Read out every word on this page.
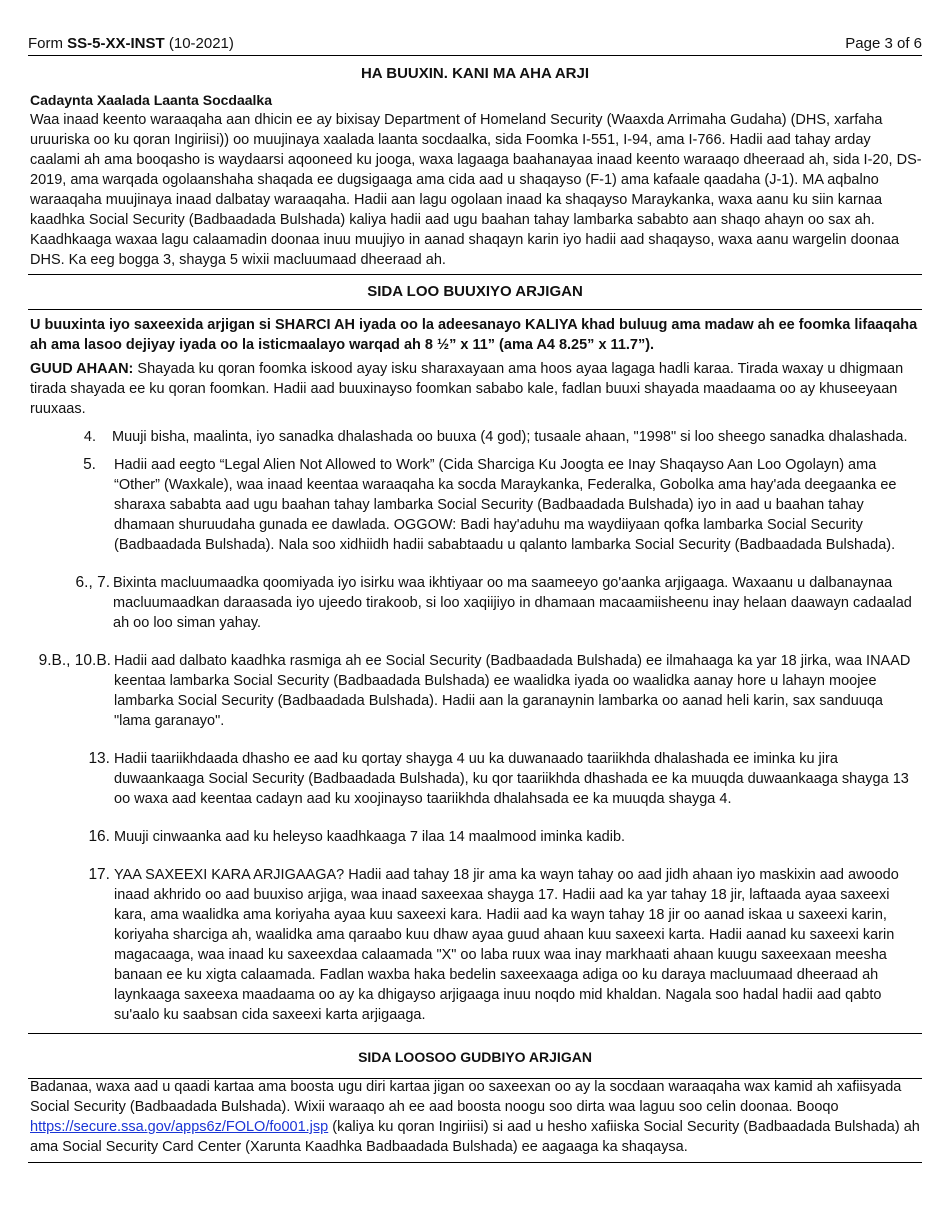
Form SS-5-XX-INST (10-2021)	Page 3 of 6
HA BUUXIN. KANI MA AHA ARJI
Cadaynta Xaalada Laanta Socdaalka

Waa inaad keento waraaqaha aan dhicin ee ay bixisay Department of Homeland Security (Waaxda Arrimaha Gudaha) (DHS, xarfaha uruuriska oo ku qoran Ingiriisi)) oo muujinaya xaalada laanta socdaalka, sida Foomka I-551, I-94, ama I-766. Hadii aad tahay arday caalami ah ama booqasho is waydaarsi aqooneed ku jooga, waxa lagaaga baahanayaa inaad keento waraaqo dheeraad ah, sida I-20, DS-2019, ama warqada ogolaanshaha shaqada ee dugsigaaga ama cida aad u shaqayso (F-1) ama kafaale qaadaha (J-1). MA aqbalno waraaqaha muujinaya inaad dalbatay waraaqaha. Hadii aan lagu ogolaan inaad ka shaqayso Maraykanka, waxa aanu ku siin karnaa kaadhka Social Security (Badbaadada Bulshada) kaliya hadii aad ugu baahan tahay lambarka sababto aan shaqo ahayn oo sax ah. Kaadhkaaga waxaa lagu calaamadin doonaa inuu muujiyo in aanad shaqayn karin iyo hadii aad shaqayso, waxa aanu wargelin doonaa DHS. Ka eeg bogga 3, shayga 5 wixii macluumaad dheeraad ah.

SIDA LOO BUUXIYO ARJIGAN
U buuxinta iyo saxeexida arjigan si SHARCI AH iyada oo la adeesanayo KALIYA khad buluug ama madaw ah ee foomka lifaaqaha ah ama lasoo dejiyay iyada oo la isticmaalayo warqad ah 8 ½” x 11” (ama A4 8.25” x 11.7”).

GUUD AHAAN: Shayada ku qoran foomka iskood ayay isku sharaxayaan ama hoos ayaa lagaga hadli karaa. Tirada waxay u dhigmaan tirada shayada ee ku qoran foomkan. Hadii aad buuxinayso foomkan sababo kale, fadlan buuxi shayada maadaama oo ay khuseeyaan ruuxaas.

4. Muuji bisha, maalinta, iyo sanadka dhalashada oo buuxa (4 god); tusaale ahaan, "1998" si loo sheego sanadka dhalashada.
5. Hadii aad eegto “Legal Alien Not Allowed to Work” (Cida Sharciga Ku Joogta ee Inay Shaqayso Aan Loo Ogolayn) ama “Other” (Waxkale), waa inaad keentaa waraaqaha ka socda Maraykanka, Federalka, Gobolka ama hay'ada deegaanka ee sharaxa sababta aad ugu baahan tahay lambarka Social Security (Badbaadada Bulshada) iyo in aad u baahan tahay dhamaan shuruudaha gunada ee dawlada. OGGOW: Badi hay'aduhu ma waydiiyaan qofka lambarka Social Security (Badbaadada Bulshada). Nala soo xidhiidh hadii sababtaadu u qalanto lambarka Social Security (Badbaadada Bulshada).
6., 7. Bixinta macluumaadka qoomiyada iyo isirku waa ikhtiyaar oo ma saameeyo go'aanka arjigaaga. Waxaanu u dalbanaynaa macluumaadkan daraasada iyo ujeedo tirakoob, si loo xaqiijiyo in dhamaan macaamiisheenu inay helaan daawayn cadaalad ah oo loo siman yahay.
9.B., 10.B. Hadii aad dalbato kaadhka rasmiga ah ee Social Security (Badbaadada Bulshada) ee ilmahaaga ka yar 18 jirka, waa INAAD keentaa lambarka Social Security (Badbaadada Bulshada) ee waalidka iyada oo waalidka aanay hore u lahayn moojee lambarka Social Security (Badbaadada Bulshada). Hadii aan la garanaynin lambarka oo aanad heli karin, sax sanduuqa "lama garanayo".
13. Hadii taariikhdaada dhasho ee aad ku qortay shayga 4 uu ka duwanaado taariikhda dhalashada ee iminka ku jira duwaankaaga Social Security (Badbaadada Bulshada), ku qor taariikhda dhashada ee ka muuqda duwaankaaga shayga 13 oo waxa aad keentaa cadayn aad ku xoojinayso taariikhda dhalahsada ee ka muuqda shayga 4.
16. Muuji cinwaanka aad ku heleyso kaadhkaaga 7 ilaa 14 maalmood iminka kadib.
17. YAA SAXEEXI KARA ARJIGAAGA? Hadii aad tahay 18 jir ama ka wayn tahay oo aad jidh ahaan iyo maskixin aad awoodo inaad akhrido oo aad buuxiso arjiga, waa inaad saxeexaa shayga 17. Hadii aad ka yar tahay 18 jir, laftaada ayaa saxeexi kara, ama waalidka ama koriyaha ayaa kuu saxeexi kara. Hadii aad ka wayn tahay 18 jir oo aanad iskaa u saxeexi karin, koriyaha sharciga ah, waalidka ama qaraabo kuu dhaw ayaa guud ahaan kuu saxeexi karta. Hadii aanad ku saxeexi karin magacaaga, waa inaad ku saxeexdaa calaamada "X" oo laba ruux waa inay markhaati ahaan kuugu saxeexaan meesha banaan ee ku xigta calaamada. Fadlan waxba haka bedelin saxeexaaga adiga oo ku daraya macluumaad dheeraad ah laynkaaga saxeexa maadaama oo ay ka dhigayso arjigaaga inuu noqdo mid khaldan. Nagala soo hadal hadii aad qabto su'aalo ku saabsan cida saxeexi karta arjigaaga.
SIDA LOOSOO GUDBIYO ARJIGAN

Badanaa, waxa aad u qaadi kartaa ama boosta ugu diri kartaa jigan oo saxeexan oo ay la socdaan waraaqaha wax kamid ah xafiisyada Social Security (Badbaadada Bulshada). Wixii waraaqo ah ee aad boosta noogu soo dirta waa laguu soo celin doonaa. Booqo https://secure.ssa.gov/apps6z/FOLO/fo001.jsp (kaliya ku qoran Ingiriisi) si aad u hesho xafiiska Social Security (Badbaadada Bulshada) ah ama Social Security Card Center (Xarunta Kaadhka Badbaadada Bulshada) ee aagaaga ka shaqaysa.
